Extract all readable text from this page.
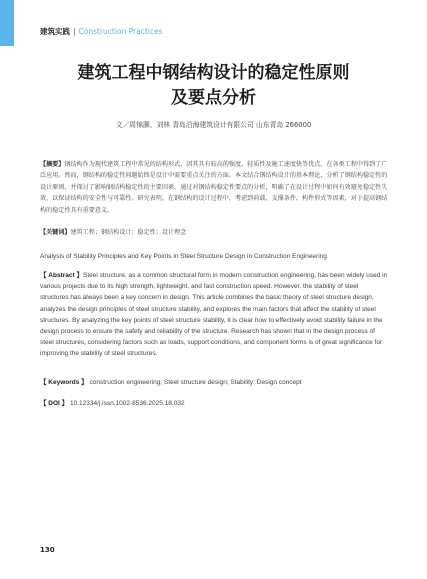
建筑实践 | Construction Practices
建筑工程中钢结构设计的稳定性原则
及要点分析
文／周锦灏、刘林 青岛沿海建筑设计有限公司 山东青岛 266000
【摘要】钢结构作为现代建筑工程中常见的结构形式，因其具有较高的强度、轻质性及施工速度快等优点，在各类工程中得到了广泛应用。然而，钢结构的稳定性问题始终是设计中需要重点关注的方面。本文结合钢结构设计的基本理论，分析了钢结构稳定性的设计原则，并探讨了影响钢结构稳定性的主要因素，通过对钢结构稳定性要点的分析，明确了在设计过程中如何有效避免稳定性失效，以保证结构的安全性与可靠性。研究表明，在钢结构的设计过程中，考虑到荷载、支撑条件、构件形式等因素，对于提高钢结构的稳定性具有重要意义。
【关键词】建筑工程；钢结构设计；稳定性；设计理念
Analysis of Stability Principles and Key Points in Steel Structure Design in Construction Engineering
【 Abstract 】Steel structure, as a common structural form in modern construction engineering, has been widely used in various projects due to its high strength, lightweight, and fast construction speed. However, the stability of steel structures has always been a key concern in design. This article combines the basic theory of steel structure design, analyzes the design principles of steel structure stability, and explores the main factors that affect the stability of steel structures. By analyzing the key points of steel structure stability, it is clear how to effectively avoid stability failure in the design process to ensure the safety and reliability of the structure. Research has shown that in the design process of steel structures, considering factors such as loads, support conditions, and component forms is of great significance for improving the stability of steel structures.
【 Keywords 】 construction engineering; Steel structure design; Stability; Design concept
【 DOI 】 10.12334/j.issn.1002-8536.2025.18.032
130
